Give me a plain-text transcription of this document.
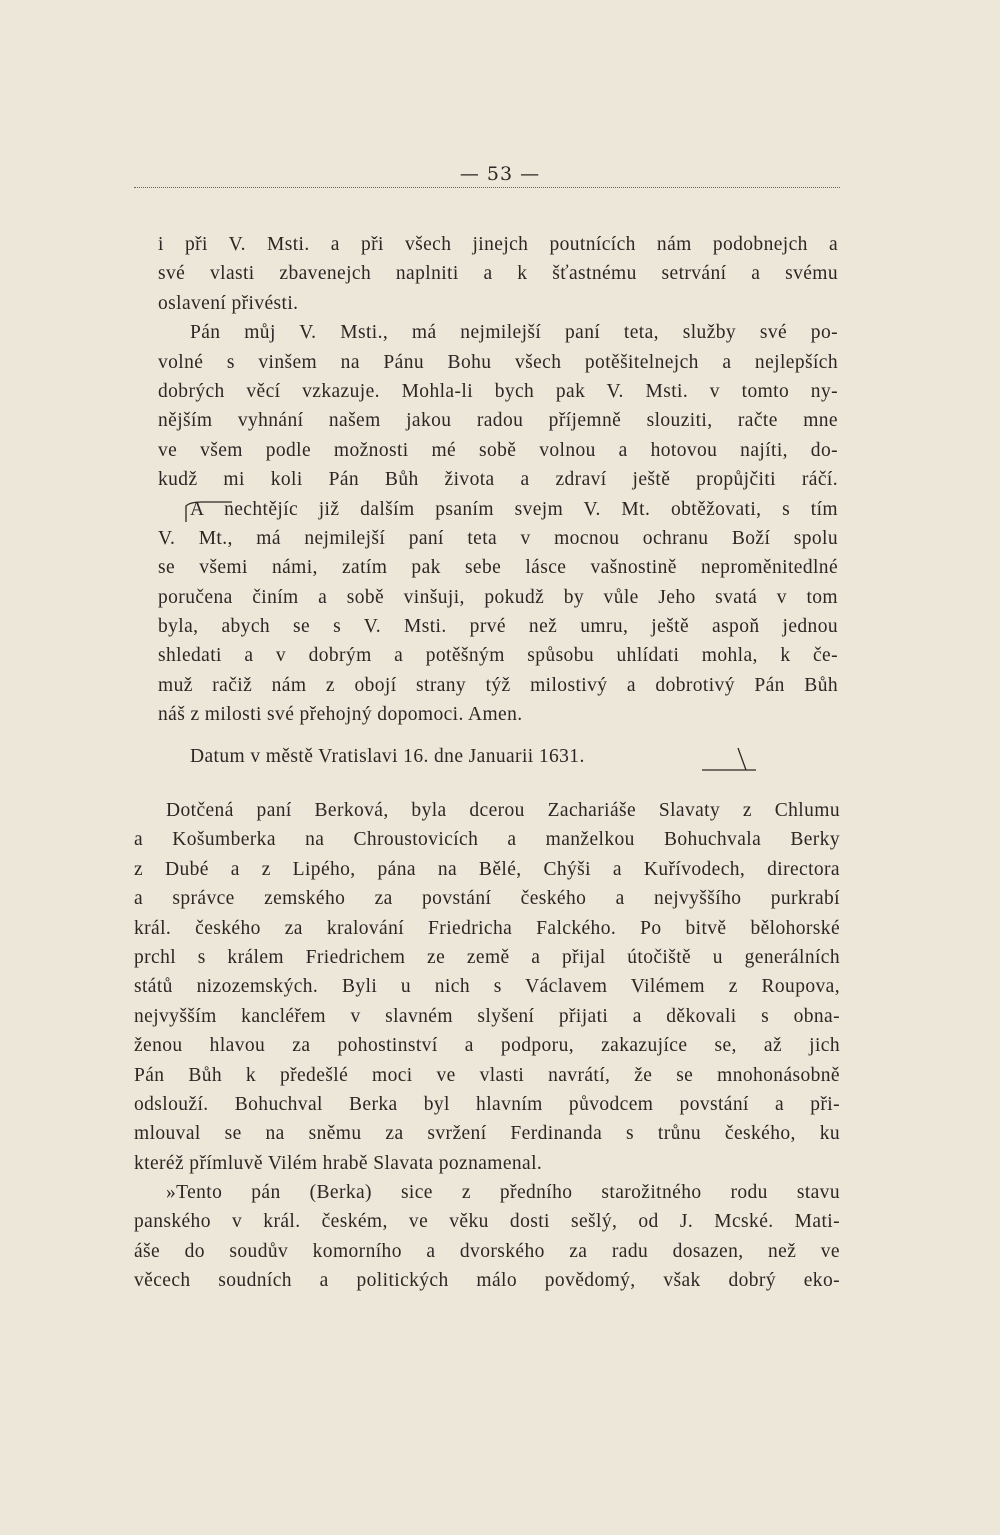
— 53 —
i při V. Msti. a při všech jinejch poutnících nám podobnejch a
své vlasti zbavenejch naplniti a k šťastnému setrvání a svému
oslavení přivésti.
Pán můj V. Msti., má nejmilejší paní teta, služby své po-
volné s vinšem na Pánu Bohu všech potěšitelnejch a nejlepších
dobrých věcí vzkazuje. Mohla-li bych pak V. Msti. v tomto ny-
nějším vyhnání našem jakou radou příjemně slouziti, račte mne
ve všem podle možnosti mé sobě volnou a hotovou najíti, do-
kudž mi koli Pán Bůh života a zdraví ještě propůjčiti ráčí.
A nechtějíc již dalším psaním svejm V. Mt. obtěžovati, s tím
V. Mt., má nejmilejší paní teta v mocnou ochranu Boží spolu
se všemi námi, zatím pak sebe lásce vašnostině neproměnitedlné
poručena činím a sobě vinšuji, pokudž by vůle Jeho svatá v tom
byla, abych se s V. Msti. prvé než umru, ještě aspoň jednou
shledati a v dobrým a potěšným spůsobu uhlídati mohla, k če-
muž račiž nám z obojí strany týž milostivý a dobrotivý Pán Bůh
náš z milosti své přehojný dopomoci. Amen.
Datum v městě Vratislavi 16. dne Januarii 1631.
Dotčená paní Berková, byla dcerou Zachariáše Slavaty z Chlumu
a Košumberka na Chroustovicích a manželkou Bohuchvala Berky
z Dubé a z Lipého, pána na Bělé, Chýši a Kuřívodech, directora
a správce zemského za povstání českého a nejvyššího purkrabí
král. českého za kralování Friedricha Falckého. Po bitvě bělohorské
prchl s králem Friedrichem ze země a přijal útočiště u generálních
států nizozemských. Byli u nich s Václavem Vilémem z Roupova,
nejvyšším kancléřem v slavném slyšení přijati a děkovali s obna-
ženou hlavou za pohostinství a podporu, zakazujíce se, až jich
Pán Bůh k předešlé moci ve vlasti navrátí, že se mnohonásobně
odslouží. Bohuchval Berka byl hlavním původcem povstání a při-
mlouval se na sněmu za svržení Ferdinanda s trůnu českého, ku
kteréž přímluvě Vilém hrabě Slavata poznamenal.
»Tento pán (Berka) sice z předního starožitného rodu stavu
panského v král. českém, ve věku dosti sešlý, od J. Mcské. Mati-
áše do soudův komorního a dvorského za radu dosazen, než ve
věcech soudních a politických málo povědomý, však dobrý eko-
